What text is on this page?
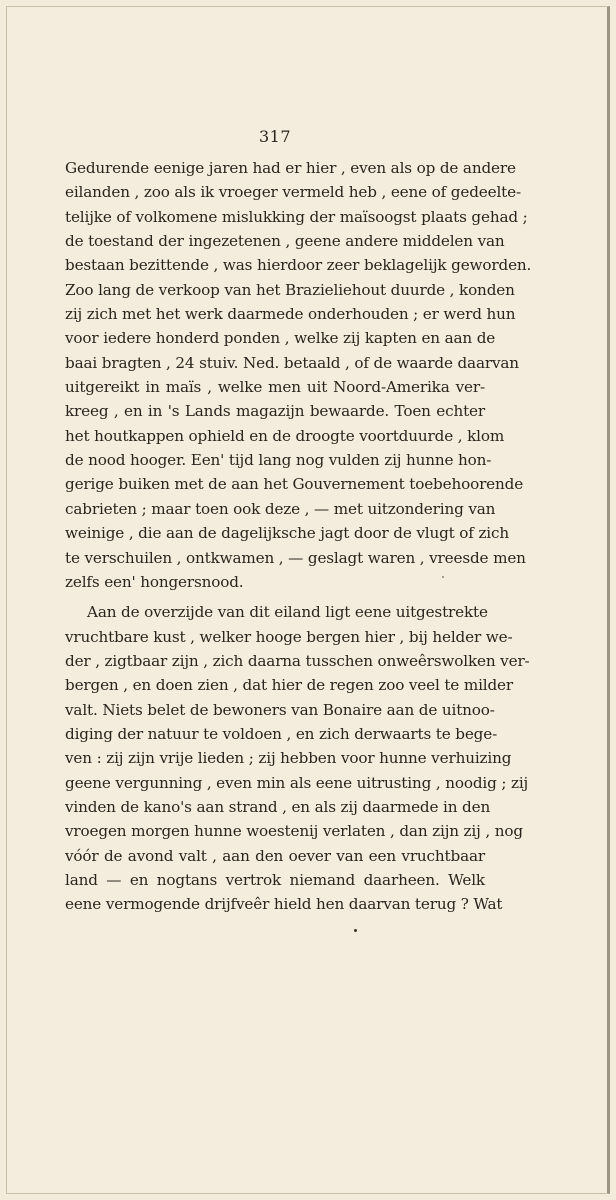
317
Gedurende eenige jaren had er hier , even als op de andere
eilanden , zoo als ik vroeger vermeld heb , eene of gedeelte-
telijke of volkomene mislukking der maïsoogst plaats gehad ;
de toestand der ingezetenen , geene andere middelen van
bestaan bezittende , was hierdoor zeer beklagelijk geworden.
Zoo lang de verkoop van het Brazieliehout duurde , konden
zij zich met het werk daarmede onderhouden ; er werd hun
voor iedere honderd ponden , welke zij kapten en aan de
baai bragten , 24 stuiv. Ned. betaald , of de waarde daarvan
uitgereikt in maïs , welke men uit Noord-Amerika ver-
kreeg , en in 's Lands magazijn bewaarde. Toen echter
het houtkappen ophield en de droogte voortduurde , klom
de nood hooger. Een' tijd lang nog vulden zij hunne hon-
gerige buiken met de aan het Gouvernement toebehoorende
cabrieten ; maar toen ook deze , — met uitzondering van
weinige , die aan de dagelijksche jagt door de vlugt of zich
te verschuilen , ontkwamen , — geslagt waren , vreesde men
zelfs een' hongersnood.
Aan de overzijde van dit eiland ligt eene uitgestrekte
vruchtbare kust , welker hooge bergen hier , bij helder we-
der , zigtbaar zijn , zich daarna tusschen onweêrswolken ver-
bergen , en doen zien , dat hier de regen zoo veel te milder
valt. Niets belet de bewoners van Bonaire aan de uitnoo-
diging der natuur te voldoen , en zich derwaarts te bege-
ven : zij zijn vrije lieden ; zij hebben voor hunne verhuizing
geene vergunning , even min als eene uitrusting , noodig ; zij
vinden de kano's aan strand , en als zij daarmede in den
vroegen morgen hunne woestenij verlaten , dan zijn zij , nog
vóór de avond valt , aan den oever van een vruchtbaar
land — en nogtans vertrok niemand daarheen. Welk
eene vermogende drijfveêr hield hen daarvan terug ? Wat
